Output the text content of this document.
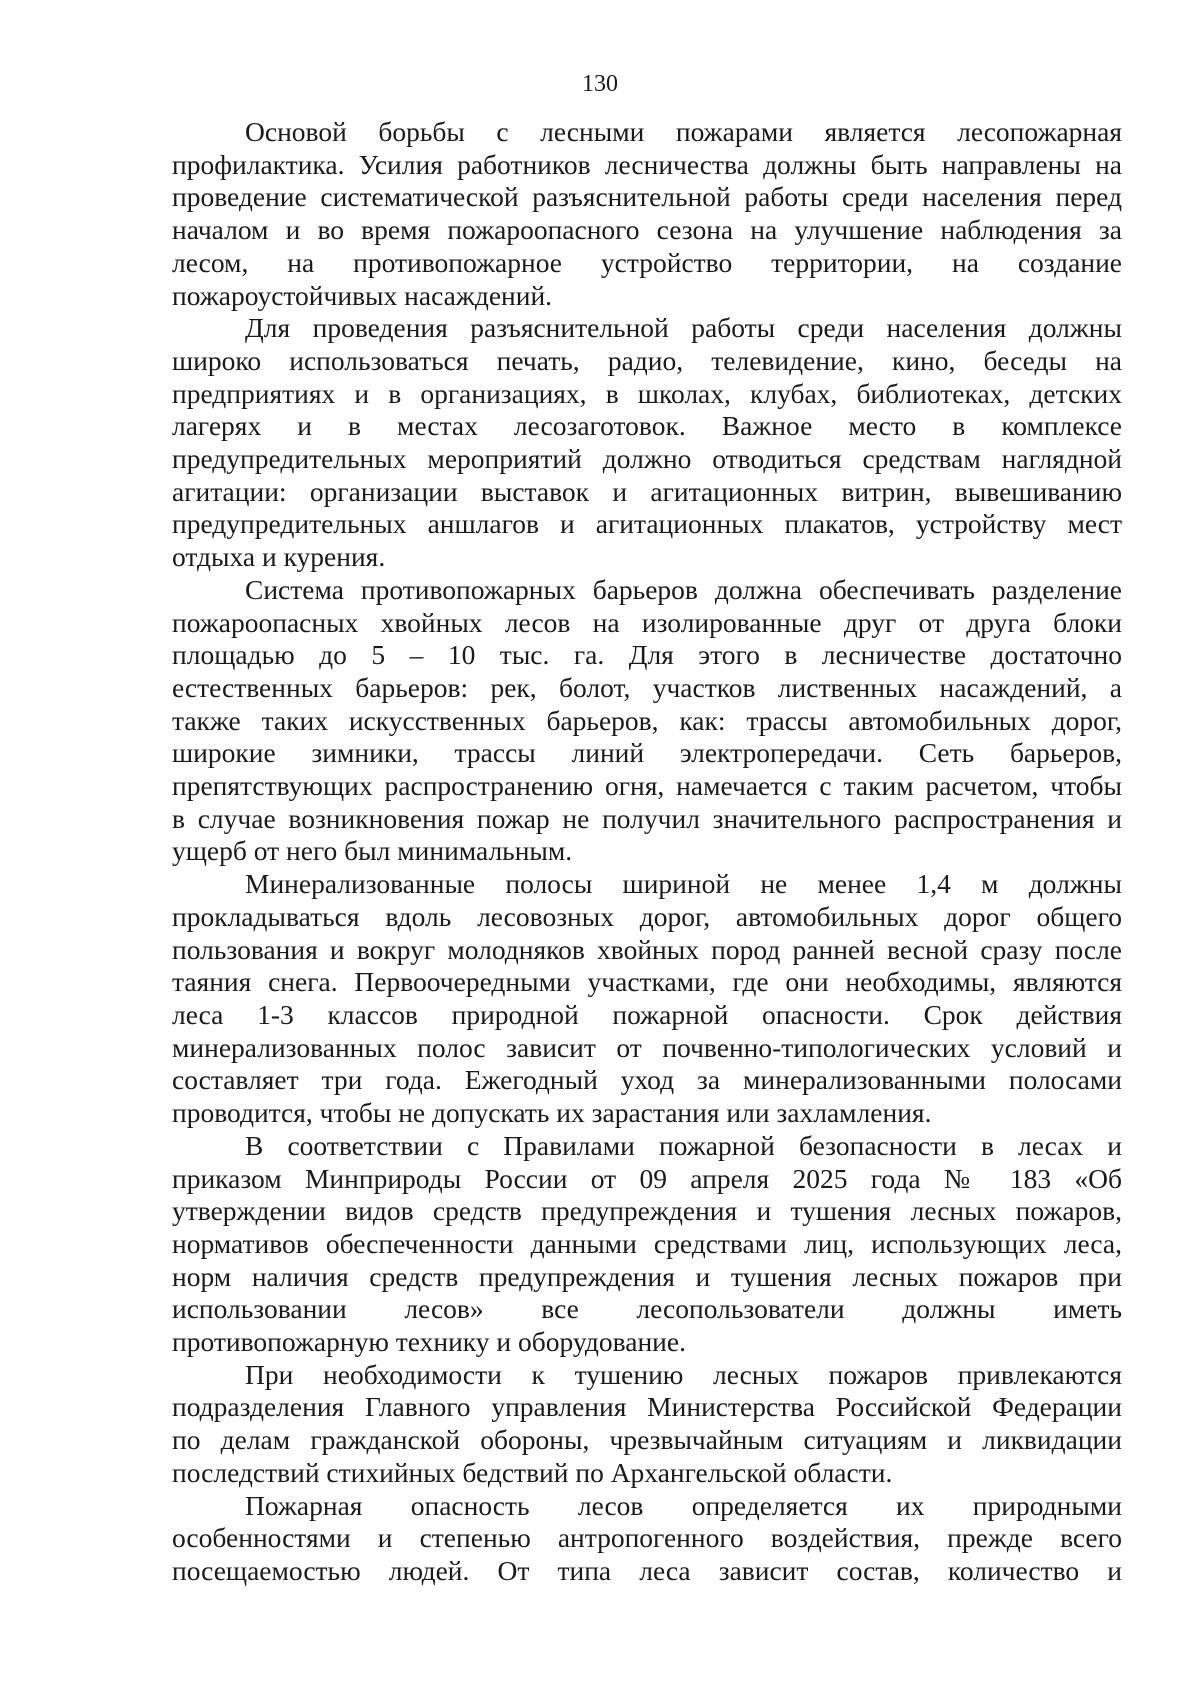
130

Основой борьбы с лесными пожарами является лесопожарная
профилактика. Усилия работников лесничества должны быть направлены на
проведение систематической разъяснительной работы среди населения перед
началом и во время пожароопасного сезона на улучшение наблюдения за
лесом, на противопожарное устройство территории, на создание
пожароустойчивых насаждений.

Для проведения разъяснительной работы среди населения должны
широко использоваться печать, радио, телевидение, кино, беседы на
предприятиях и в организациях, в школах, клубах, библиотеках, детских
лагерях и в местах лесозаготовок. Важное место в комплексе
предупредительных мероприятий должно отводиться средствам наглядной
агитации: организации выставок и агитационных витрин, вывешиванию
предупредительных аншлагов и агитационных плакатов, устройству мест
отдыха и курения.

Система противопожарных барьеров должна обеспечивать разделение
пожароопасных хвойных лесов на изолированные друг от друга блоки
площадью до 5 – 10 тыс. га. Для этого в лесничестве достаточно
естественных барьеров: рек, болот, участков лиственных насаждений, а
также таких искусственных барьеров, как: трассы автомобильных дорог,
широкие зимники, трассы линий электропередачи. Сеть барьеров,
препятствующих распространению огня, намечается с таким расчетом, чтобы
в случае возникновения пожар не получил значительного распространения и
ущерб от него был минимальным.

Минерализованные полосы шириной не менее 1,4 м должны
прокладываться вдоль лесовозных дорог, автомобильных дорог общего
пользования и вокруг молодняков хвойных пород ранней весной сразу после
таяния снега. Первоочередными участками, где они необходимы, являются
леса 1-3 классов природной пожарной опасности. Срок действия
минерализованных полос зависит от почвенно-типологических условий и
составляет три года. Ежегодный уход за минерализованными полосами
проводится, чтобы не допускать их зарастания или захламления.

В соответствии с Правилами пожарной безопасности в лесах и
приказом Минприроды России от 09 апреля 2025 года № 183 «Об
утверждении видов средств предупреждения и тушения лесных пожаров,
нормативов обеспеченности данными средствами лиц, использующих леса,
норм наличия средств предупреждения и тушения лесных пожаров при
использовании лесов» все лесопользователи должны иметь
противопожарную технику и оборудование.

При необходимости к тушению лесных пожаров привлекаются
подразделения Главного управления Министерства Российской Федерации
по делам гражданской обороны, чрезвычайным ситуациям и ликвидации
последствий стихийных бедствий по Архангельской области.

Пожарная опасность лесов определяется их природными
особенностями и степенью антропогенного воздействия, прежде всего
посещаемостью людей. От типа леса зависит состав, количество и
